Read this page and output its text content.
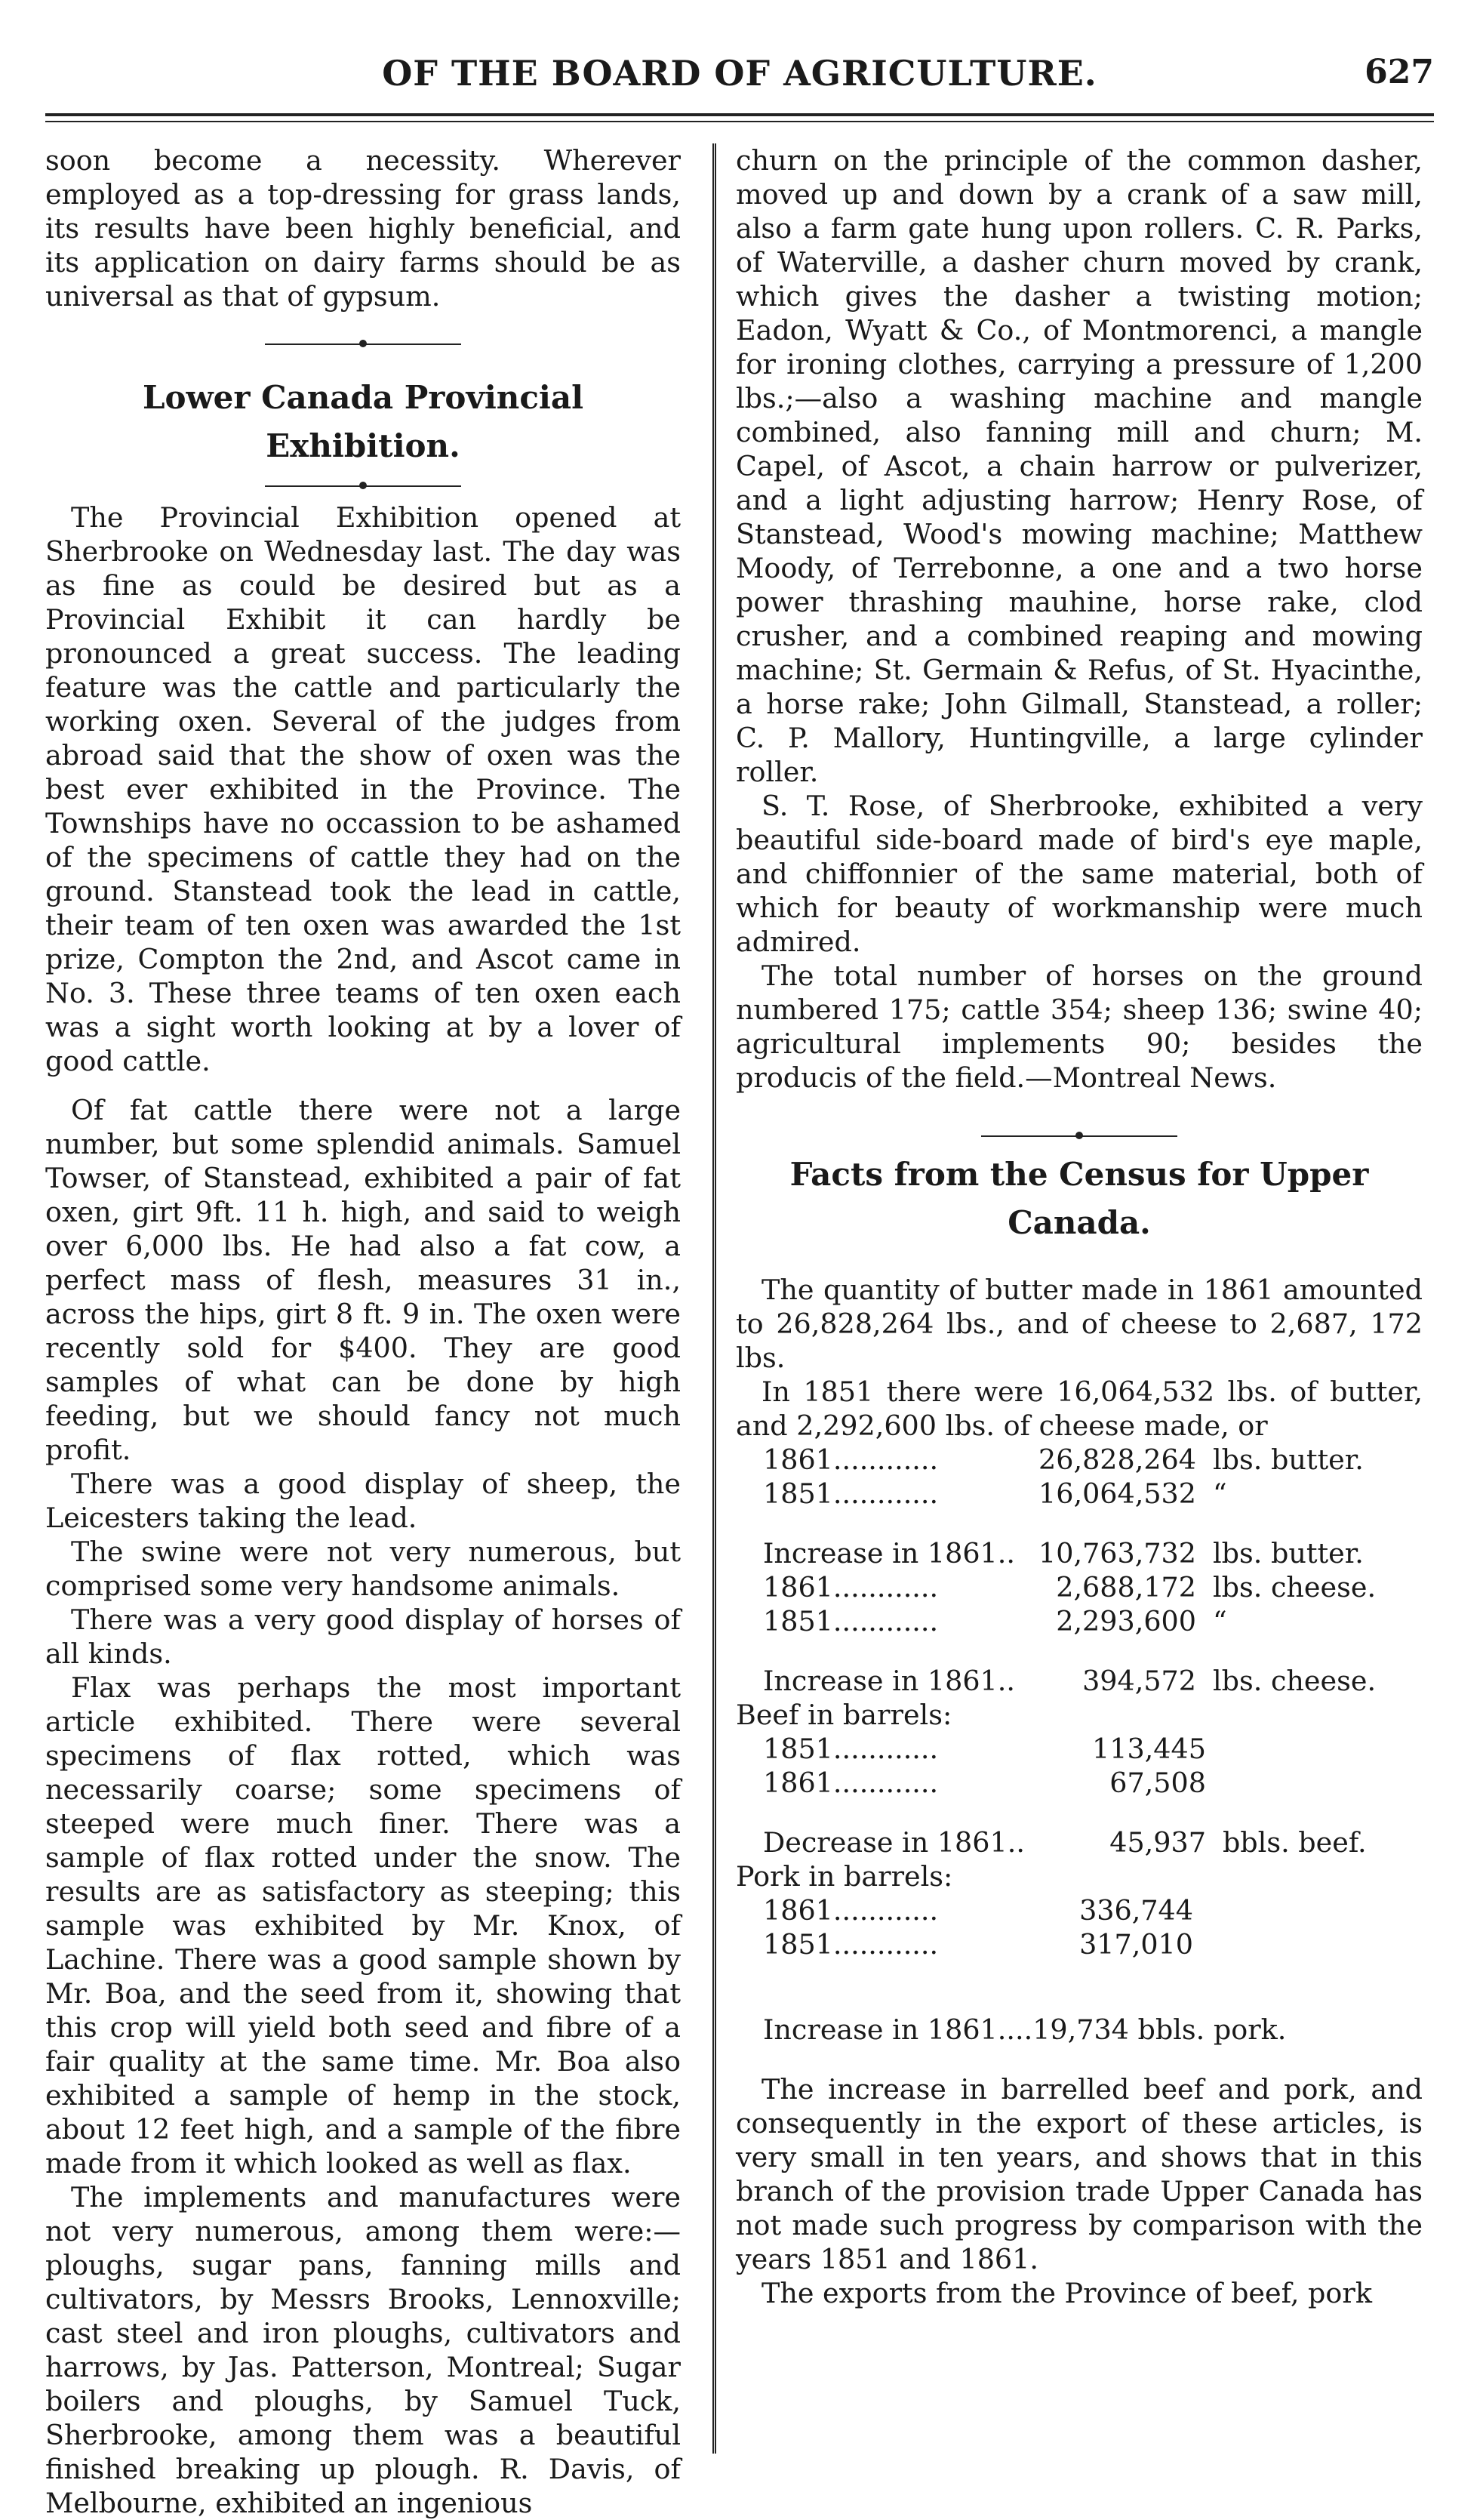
OF THE BOARD OF AGRICULTURE.	627

soon become a necessity. Wherever employed as a top-dressing for grass lands, its results have been highly beneficial, and its application on dairy farms should be as universal as that of gypsum.

Lower Canada Provincial Exhibition.

The Provincial Exhibition opened at Sherbrooke on Wednesday last. The day was as fine as could be desired but as a Provincial Exhibit it can hardly be pronounced a great success. The leading feature was the cattle and particularly the working oxen. Several of the judges from abroad said that the show of oxen was the best ever exhibited in the Province. The Townships have no occassion to be ashamed of the specimens of cattle they had on the ground. Stanstead took the lead in cattle, their team of ten oxen was awarded the 1st prize, Compton the 2nd, and Ascot came in No. 3. These three teams of ten oxen each was a sight worth looking at by a lover of good cattle.

Of fat cattle there were not a large number, but some splendid animals. Samuel Towser, of Stanstead, exhibited a pair of fat oxen, girt 9ft. 11 h. high, and said to weigh over 6,000 lbs. He had also a fat cow, a perfect mass of flesh, measures 31 in., across the hips, girt 8 ft. 9 in. The oxen were recently sold for $400. They are good samples of what can be done by high feeding, but we should fancy not much profit.

There was a good display of sheep, the Leicesters taking the lead.

The swine were not very numerous, but comprised some very handsome animals.

There was a very good display of horses of all kinds.

Flax was perhaps the most important article exhibited. There were several specimens of flax rotted, which was necessarily coarse; some specimens of steeped were much finer. There was a sample of flax rotted under the snow. The results are as satisfactory as steeping; this sample was exhibited by Mr. Knox, of Lachine. There was a good sample shown by Mr. Boa, and the seed from it, showing that this crop will yield both seed and fibre of a fair quality at the same time. Mr. Boa also exhibited a sample of hemp in the stock, about 12 feet high, and a sample of the fibre made from it which looked as well as flax.

The implements and manufactures were not very numerous, among them were:—ploughs, sugar pans, fanning mills and cultivators, by Messrs Brooks, Lennoxville; cast steel and iron ploughs, cultivators and harrows, by Jas. Patterson, Montreal; Sugar boilers and ploughs, by Samuel Tuck, Sherbrooke, among them was a beautiful finished breaking up plough. R. Davis, of Melbourne, exhibited an ingenious

churn on the principle of the common dasher, moved up and down by a crank of a saw mill, also a farm gate hung upon rollers. C. R. Parks, of Waterville, a dasher churn moved by crank, which gives the dasher a twisting motion; Eadon, Wyatt & Co., of Montmorenci, a mangle for ironing clothes, carrying a pressure of 1,200 lbs.;—also a washing machine and mangle combined, also fanning mill and churn; M. Capel, of Ascot, a chain harrow or pulverizer, and a light adjusting harrow; Henry Rose, of Stanstead, Wood's mowing machine; Matthew Moody, of Terrebonne, a one and a two horse power thrashing mauhine, horse rake, clod crusher, and a combined reaping and mowing machine; St. Germain & Refus, of St. Hyacinthe, a horse rake; John Gilmall, Stanstead, a roller; C. P. Mallory, Huntingville, a large cylinder roller.

S. T. Rose, of Sherbrooke, exhibited a very beautiful side-board made of bird's eye maple, and chiffonnier of the same material, both of which for beauty of workmanship were much admired.

The total number of horses on the ground numbered 175; cattle 354; sheep 136; swine 40; agricultural implements 90; besides the producis of the field.—Montreal News.

Facts from the Census for Upper Canada.

The quantity of butter made in 1861 amounted to 26,828,264 lbs., and of cheese to 2,687, 172 lbs.

In 1851 there were 16,064,532 lbs. of butter, and 2,292,600 lbs. of cheese made, or

1861............	26,828,264	lbs. butter.
1851............	16,064,532	“

Increase in 1861..	10,763,732	lbs. butter.
1861............	2,688,172	lbs. cheese.
1851............	2,293,600	“

Increase in 1861..	394,572	lbs. cheese.
Beef in barrels:
1851............	113,445	
1861............	67,508	

Decrease in 1861..	45,937	bbls. beef.
Pork in barrels:
1861............	336,744	
1851............	317,010	

Increase in 1861....19,734 bbls. pork.

The increase in barrelled beef and pork, and consequently in the export of these articles, is very small in ten years, and shows that in this branch of the provision trade Upper Canada has not made such progress by comparison with the years 1851 and 1861.

The exports from the Province of beef, pork
